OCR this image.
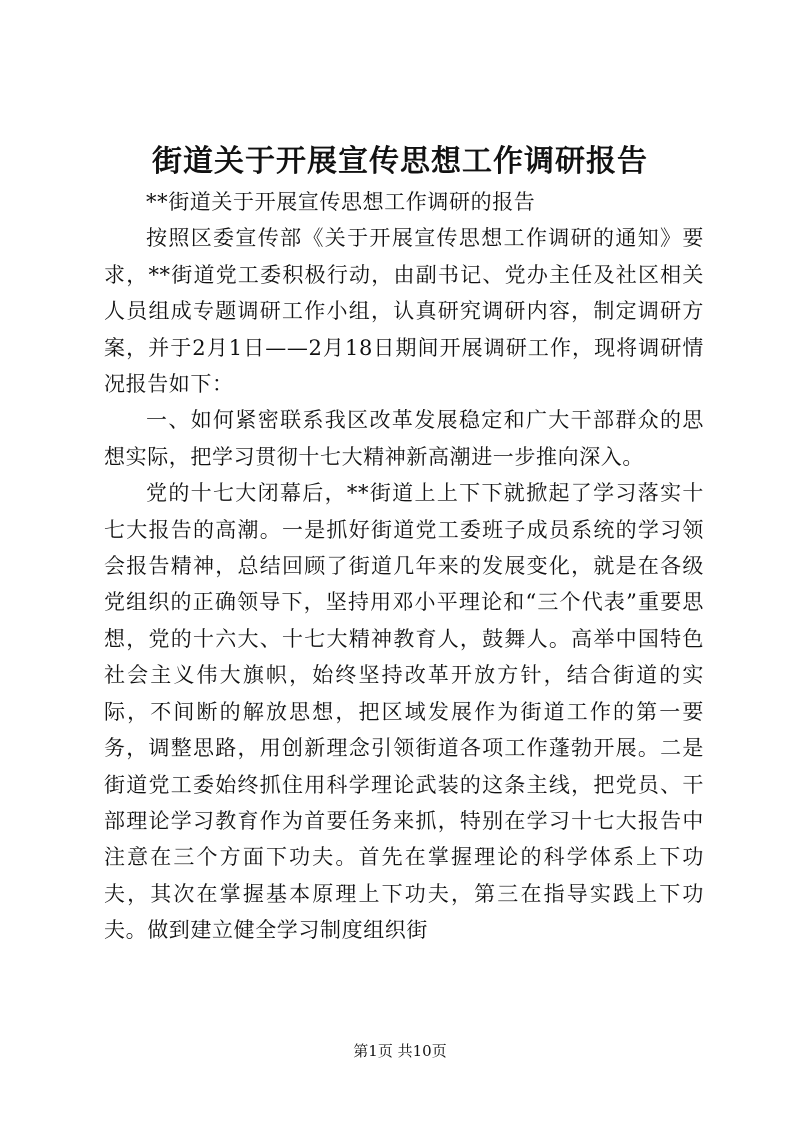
街道关于开展宣传思想工作调研报告

**街道关于开展宣传思想工作调研的报告

按照区委宣传部《关于开展宣传思想工作调研的通知》要求，**街道党工委积极行动，由副书记、党办主任及社区相关人员组成专题调研工作小组，认真研究调研内容，制定调研方案，并于2月1日——2月18日期间开展调研工作，现将调研情况报告如下：

一、如何紧密联系我区改革发展稳定和广大干部群众的思想实际，把学习贯彻十七大精神新高潮进一步推向深入。

党的十七大闭幕后，**街道上上下下就掀起了学习落实十七大报告的高潮。一是抓好街道党工委班子成员系统的学习领会报告精神，总结回顾了街道几年来的发展变化，就是在各级党组织的正确领导下，坚持用邓小平理论和“三个代表”重要思想，党的十六大、十七大精神教育人，鼓舞人。高举中国特色社会主义伟大旗帜，始终坚持改革开放方针，结合街道的实际，不间断的解放思想，把区域发展作为街道工作的第一要务，调整思路，用创新理念引领街道各项工作蓬勃开展。二是街道党工委始终抓住用科学理论武装的这条主线，把党员、干部理论学习教育作为首要任务来抓，特别在学习十七大报告中注意在三个方面下功夫。首先在掌握理论的科学体系上下功夫，其次在掌握基本原理上下功夫，第三在指导实践上下功夫。做到建立健全学习制度组织街

第1页 共10页
